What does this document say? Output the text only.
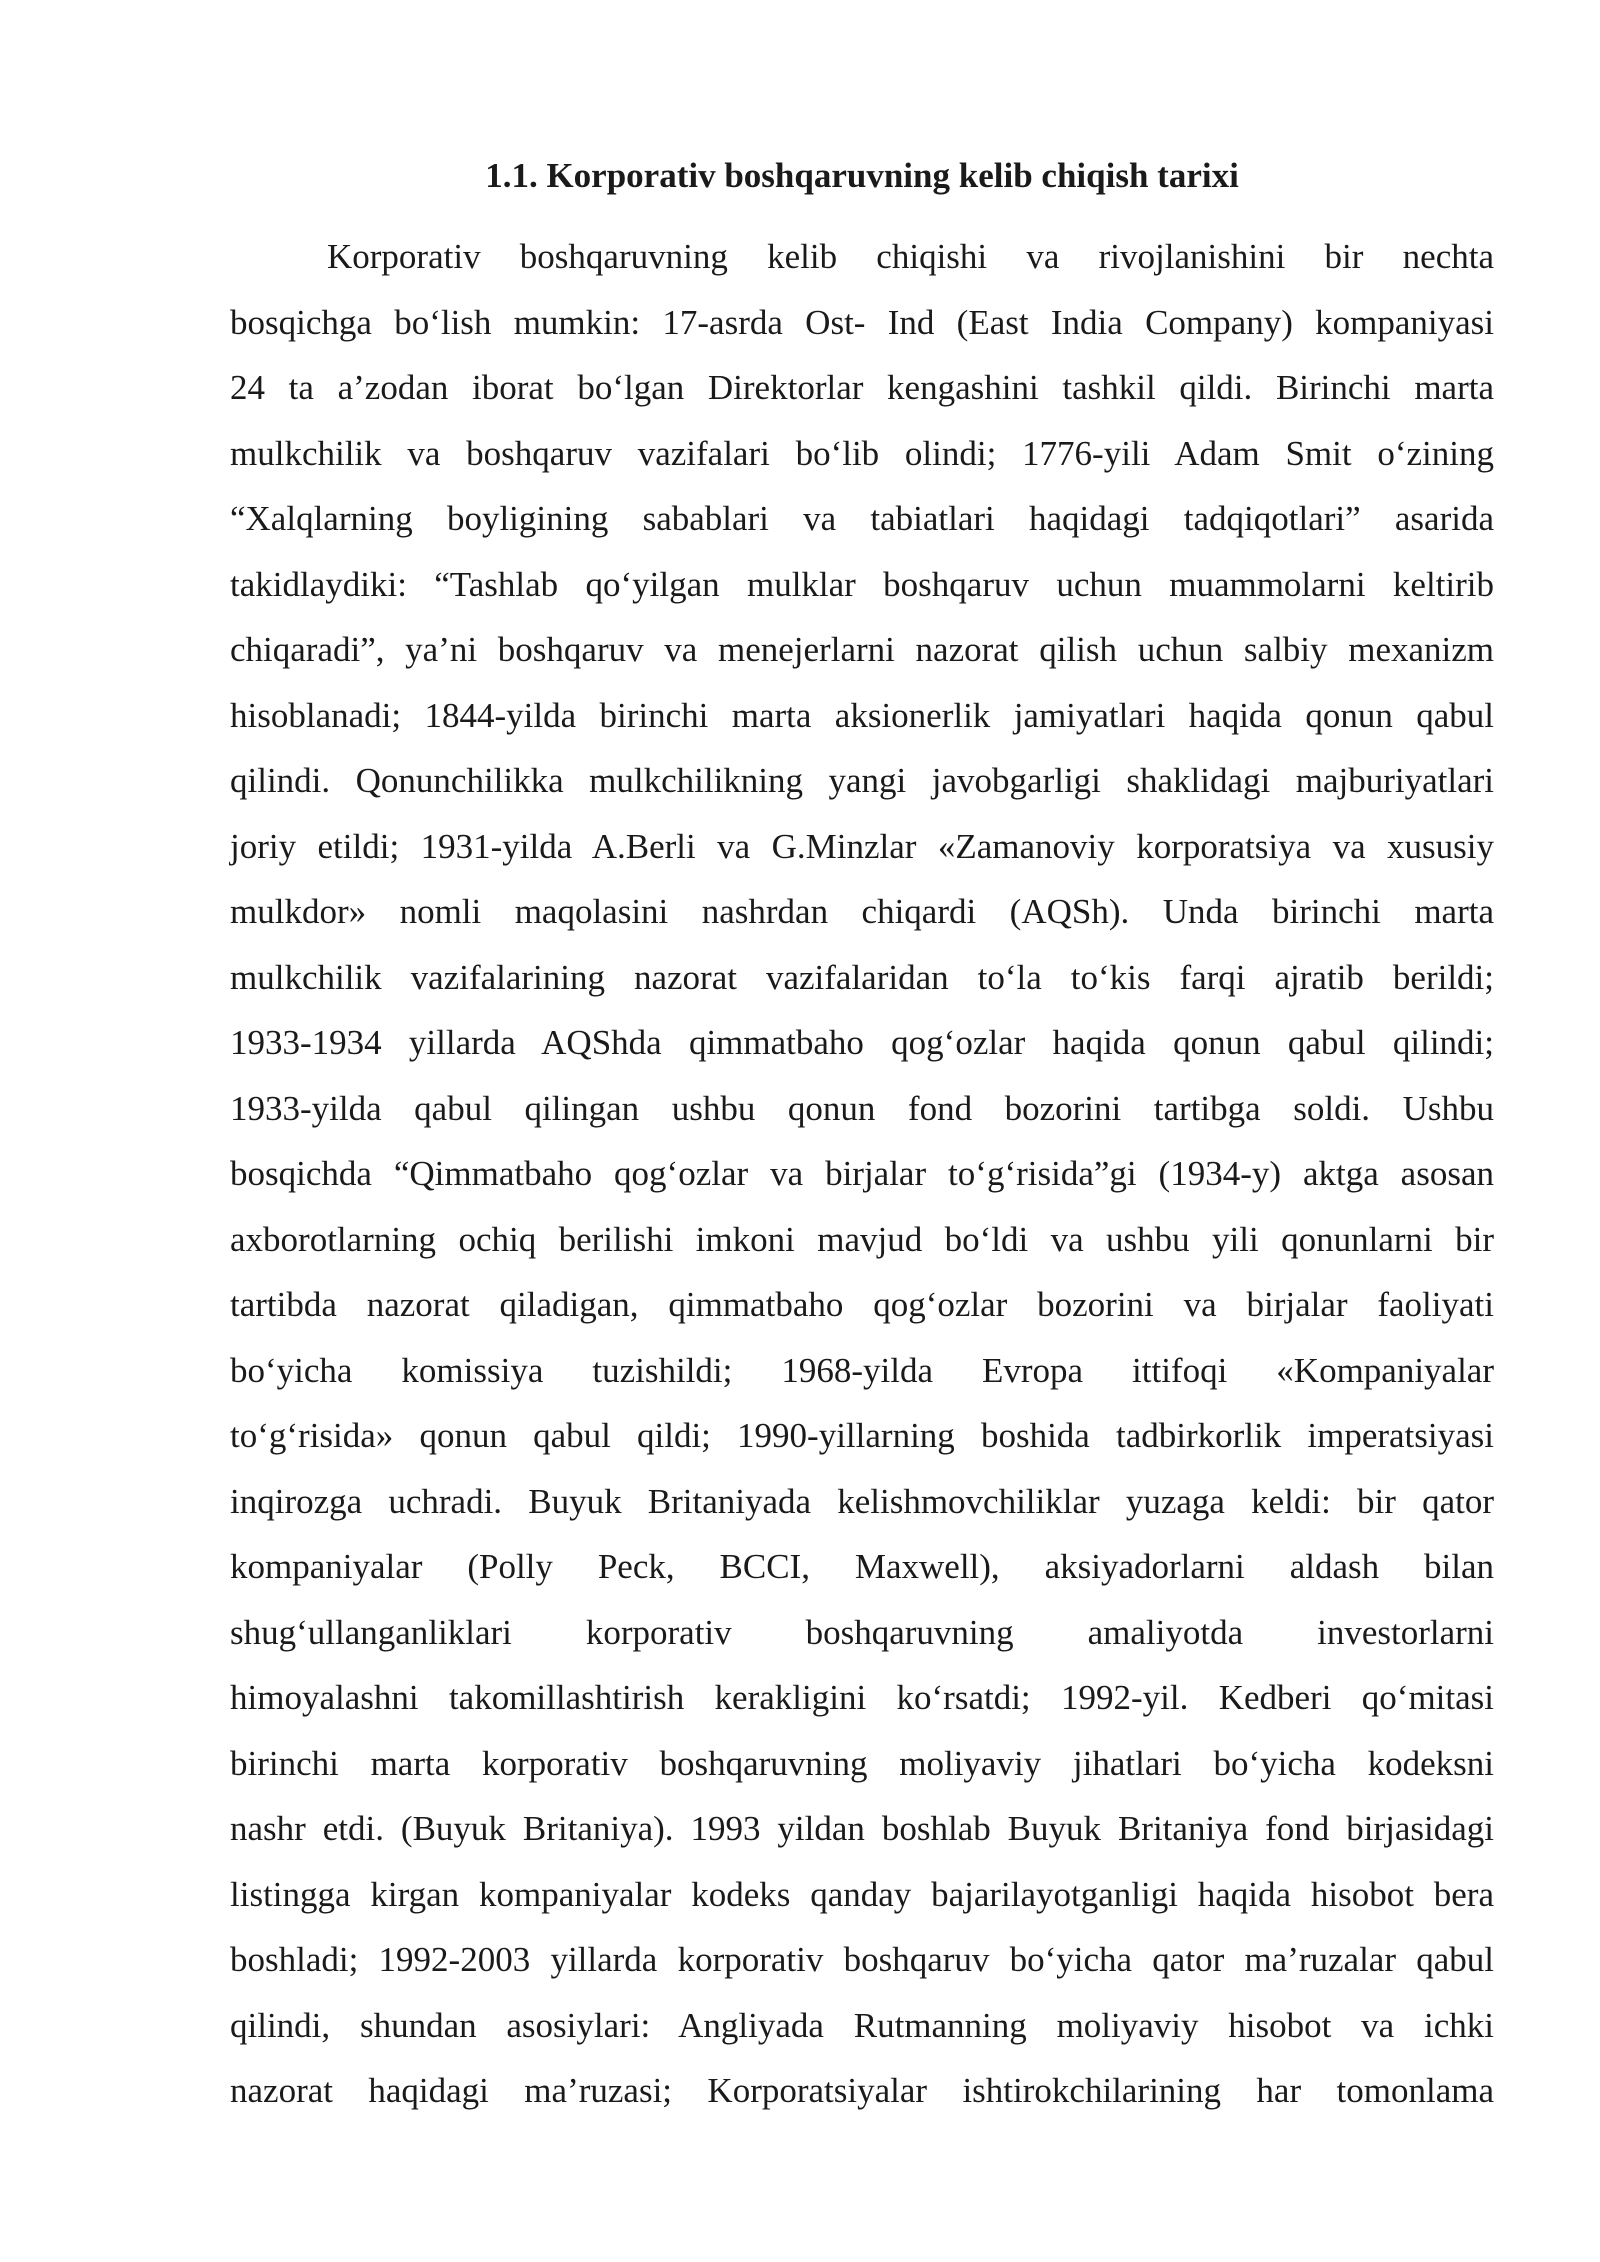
1.1. Korporativ boshqaruvning kelib chiqish tarixi
Korporativ boshqaruvning kelib chiqishi va rivojlanishini bir nechta
bosqichga bo‘lish mumkin: 17-asrda Ost- Ind (East India Company) kompaniyasi
24 ta a’zodan iborat bo‘lgan Direktorlar kengashini tashkil qildi. Birinchi marta
mulkchilik va boshqaruv vazifalari bo‘lib olindi; 1776-yili Adam Smit o‘zining
“Xalqlarning boyligining sabablari va tabiatlari haqidagi tadqiqotlari” asarida
takidlaydiki: “Tashlab qo‘yilgan mulklar boshqaruv uchun muammolarni keltirib
chiqaradi”, ya’ni boshqaruv va menejerlarni nazorat qilish uchun salbiy mexanizm
hisoblanadi; 1844-yilda birinchi marta aksionerlik jamiyatlari haqida qonun qabul
qilindi. Qonunchilikka mulkchilikning yangi javobgarligi shaklidagi majburiyatlari
joriy etildi; 1931-yilda A.Berli va G.Minzlar «Zamanoviy korporatsiya va xususiy
mulkdor» nomli maqolasini nashrdan chiqardi (AQSh). Unda birinchi marta
mulkchilik vazifalarining nazorat vazifalaridan to‘la to‘kis farqi ajratib berildi;
1933-1934 yillarda AQShda qimmatbaho qog‘ozlar haqida qonun qabul qilindi;
1933-yilda qabul qilingan ushbu qonun fond bozorini tartibga soldi. Ushbu
bosqichda “Qimmatbaho qog‘ozlar va birjalar to‘g‘risida”gi (1934-y) aktga asosan
axborotlarning ochiq berilishi imkoni mavjud bo‘ldi va ushbu yili qonunlarni bir
tartibda nazorat qiladigan, qimmatbaho qog‘ozlar bozorini va birjalar faoliyati
bo‘yicha komissiya tuzishildi; 1968-yilda Evropa ittifoqi «Kompaniyalar
to‘g‘risida» qonun qabul qildi; 1990-yillarning boshida tadbirkorlik imperatsiyasi
inqirozga uchradi. Buyuk Britaniyada kelishmovchiliklar yuzaga keldi: bir qator
kompaniyalar (Polly Peck, BCCI, Maxwell), aksiyadorlarni aldash bilan
shug‘ullanganliklari korporativ boshqaruvning amaliyotda investorlarni
himoyalashni takomillashtirish kerakligini ko‘rsatdi; 1992-yil. Kedberi qo‘mitasi
birinchi marta korporativ boshqaruvning moliyaviy jihatlari bo‘yicha kodeksni
nashr etdi. (Buyuk Britaniya). 1993 yildan boshlab Buyuk Britaniya fond birjasidagi
listingga kirgan kompaniyalar kodeks qanday bajarilayotganligi haqida hisobot bera
boshladi; 1992-2003 yillarda korporativ boshqaruv bo‘yicha qator ma’ruzalar qabul
qilindi, shundan asosiylari: Angliyada Rutmanning moliyaviy hisobot va ichki
nazorat haqidagi ma’ruzasi; Korporatsiyalar ishtirokchilarining har tomonlama
